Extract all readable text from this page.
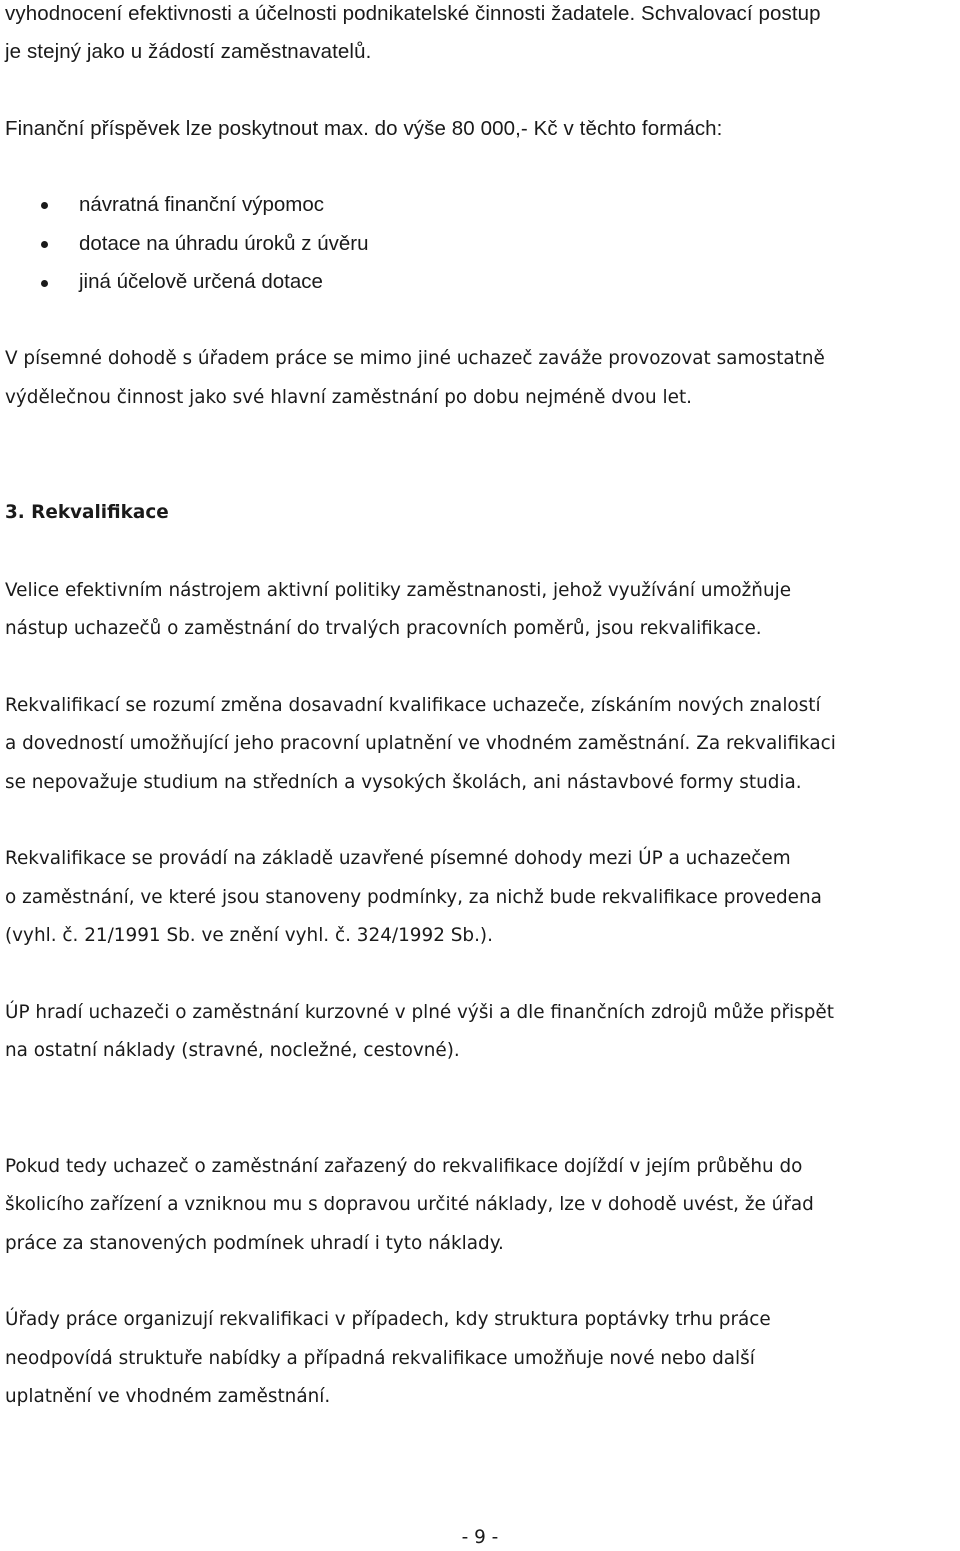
vyhodnocení efektivnosti a účelnosti podnikatelské činnosti žadatele. Schvalovací postup
je stejný jako u žádostí zaměstnavatelů.
Finanční příspěvek lze poskytnout max. do výše 80 000,- Kč v těchto formách:
návratná finanční výpomoc
dotace na úhradu úroků z úvěru
jiná účelově určená dotace
V písemné dohodě s úřadem práce se mimo jiné uchazeč zaváže provozovat samostatně
výdělečnou činnost jako své hlavní zaměstnání po dobu nejméně dvou let.
3. Rekvalifikace
Velice efektivním nástrojem aktivní politiky zaměstnanosti, jehož využívání umožňuje
nástup uchazečů o zaměstnání do trvalých pracovních poměrů, jsou rekvalifikace.
Rekvalifikací se rozumí změna dosavadní kvalifikace uchazeče, získáním nových znalostí
a dovedností umožňující jeho pracovní uplatnění ve vhodném zaměstnání. Za rekvalifikaci
se nepovažuje studium na středních a vysokých školách, ani nástavbové formy studia.
Rekvalifikace se provádí na základě uzavřené písemné dohody mezi ÚP a uchazečem
o zaměstnání, ve které jsou stanoveny podmínky, za nichž bude rekvalifikace provedena
(vyhl. č. 21/1991 Sb. ve znění vyhl. č. 324/1992 Sb.).
ÚP hradí uchazeči o zaměstnání kurzovné v plné výši a dle finančních zdrojů může přispět
na ostatní náklady (stravné, nocležné, cestovné).
Pokud tedy uchazeč o zaměstnání zařazený do rekvalifikace dojíždí v jejím průběhu do
školicího zařízení a vzniknou mu s dopravou určité náklady, lze v dohodě uvést, že úřad
práce za stanovených podmínek uhradí i tyto náklady.
Úřady práce organizují rekvalifikaci v případech, kdy struktura poptávky trhu práce
neodpovídá struktuře nabídky a případná rekvalifikace umožňuje nové nebo další
uplatnění ve vhodném zaměstnání.
- 9 -
